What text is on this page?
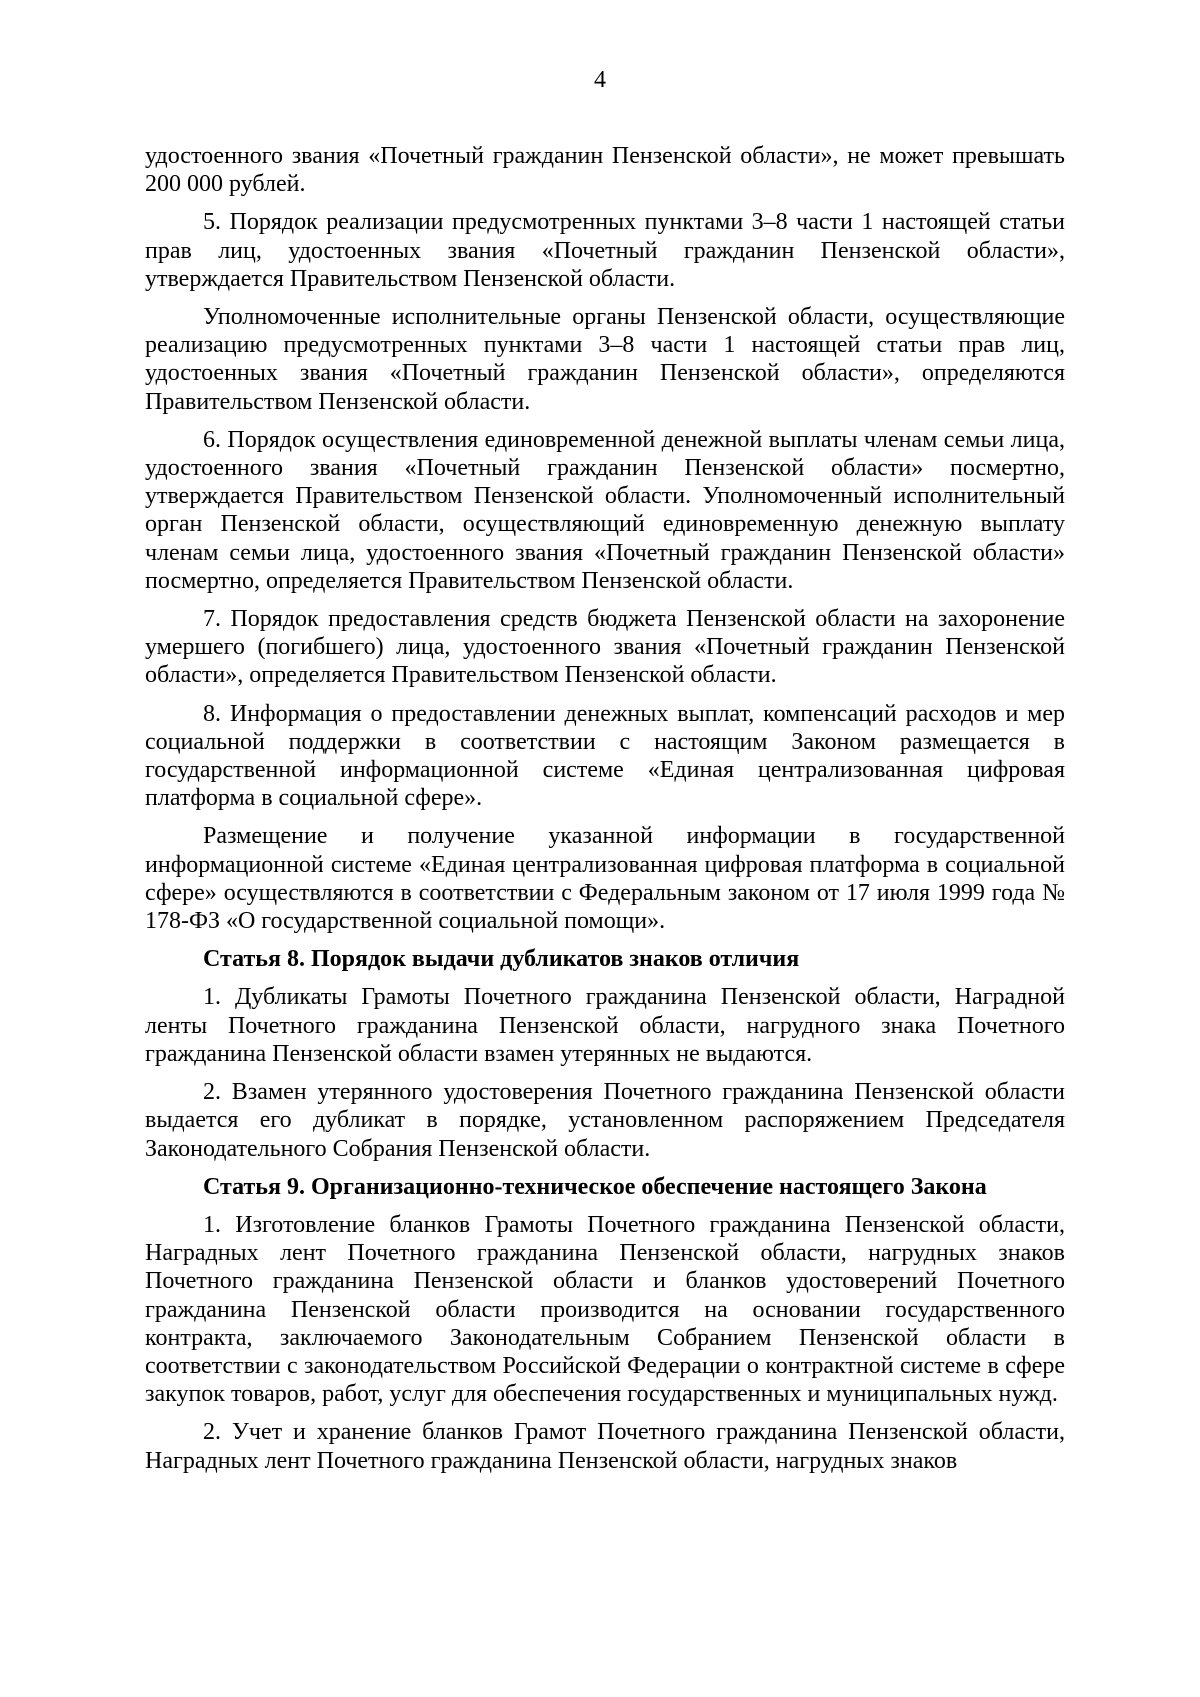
4

удостоенного звания «Почетный гражданин Пензенской области», не может превышать 200 000 рублей.

5. Порядок реализации предусмотренных пунктами 3–8 части 1 настоящей статьи прав лиц, удостоенных звания «Почетный гражданин Пензенской области», утверждается Правительством Пензенской области.

Уполномоченные исполнительные органы Пензенской области, осуществляющие реализацию предусмотренных пунктами 3–8 части 1 настоящей статьи прав лиц, удостоенных звания «Почетный гражданин Пензенской области», определяются Правительством Пензенской области.

6. Порядок осуществления единовременной денежной выплаты членам семьи лица, удостоенного звания «Почетный гражданин Пензенской области» посмертно, утверждается Правительством Пензенской области. Уполномоченный исполнительный орган Пензенской области, осуществляющий единовременную денежную выплату членам семьи лица, удостоенного звания «Почетный гражданин Пензенской области» посмертно, определяется Правительством Пензенской области.

7. Порядок предоставления средств бюджета Пензенской области на захоронение умершего (погибшего) лица, удостоенного звания «Почетный гражданин Пензенской области», определяется Правительством Пензенской области.

8. Информация о предоставлении денежных выплат, компенсаций расходов и мер социальной поддержки в соответствии с настоящим Законом размещается в государственной информационной системе «Единая централизованная цифровая платформа в социальной сфере».

Размещение и получение указанной информации в государственной информационной системе «Единая централизованная цифровая платформа в социальной сфере» осуществляются в соответствии с Федеральным законом от 17 июля 1999 года № 178-ФЗ «О государственной социальной помощи».

Статья 8. Порядок выдачи дубликатов знаков отличия

1. Дубликаты Грамоты Почетного гражданина Пензенской области, Наградной ленты Почетного гражданина Пензенской области, нагрудного знака Почетного гражданина Пензенской области взамен утерянных не выдаются.

2. Взамен утерянного удостоверения Почетного гражданина Пензенской области выдается его дубликат в порядке, установленном распоряжением Председателя Законодательного Собрания Пензенской области.

Статья 9. Организационно-техническое обеспечение настоящего Закона

1. Изготовление бланков Грамоты Почетного гражданина Пензенской области, Наградных лент Почетного гражданина Пензенской области, нагрудных знаков Почетного гражданина Пензенской области и бланков удостоверений Почетного гражданина Пензенской области производится на основании государственного контракта, заключаемого Законодательным Собранием Пензенской области в соответствии с законодательством Российской Федерации о контрактной системе в сфере закупок товаров, работ, услуг для обеспечения государственных и муниципальных нужд.

2. Учет и хранение бланков Грамот Почетного гражданина Пензенской области, Наградных лент Почетного гражданина Пензенской области, нагрудных знаков
